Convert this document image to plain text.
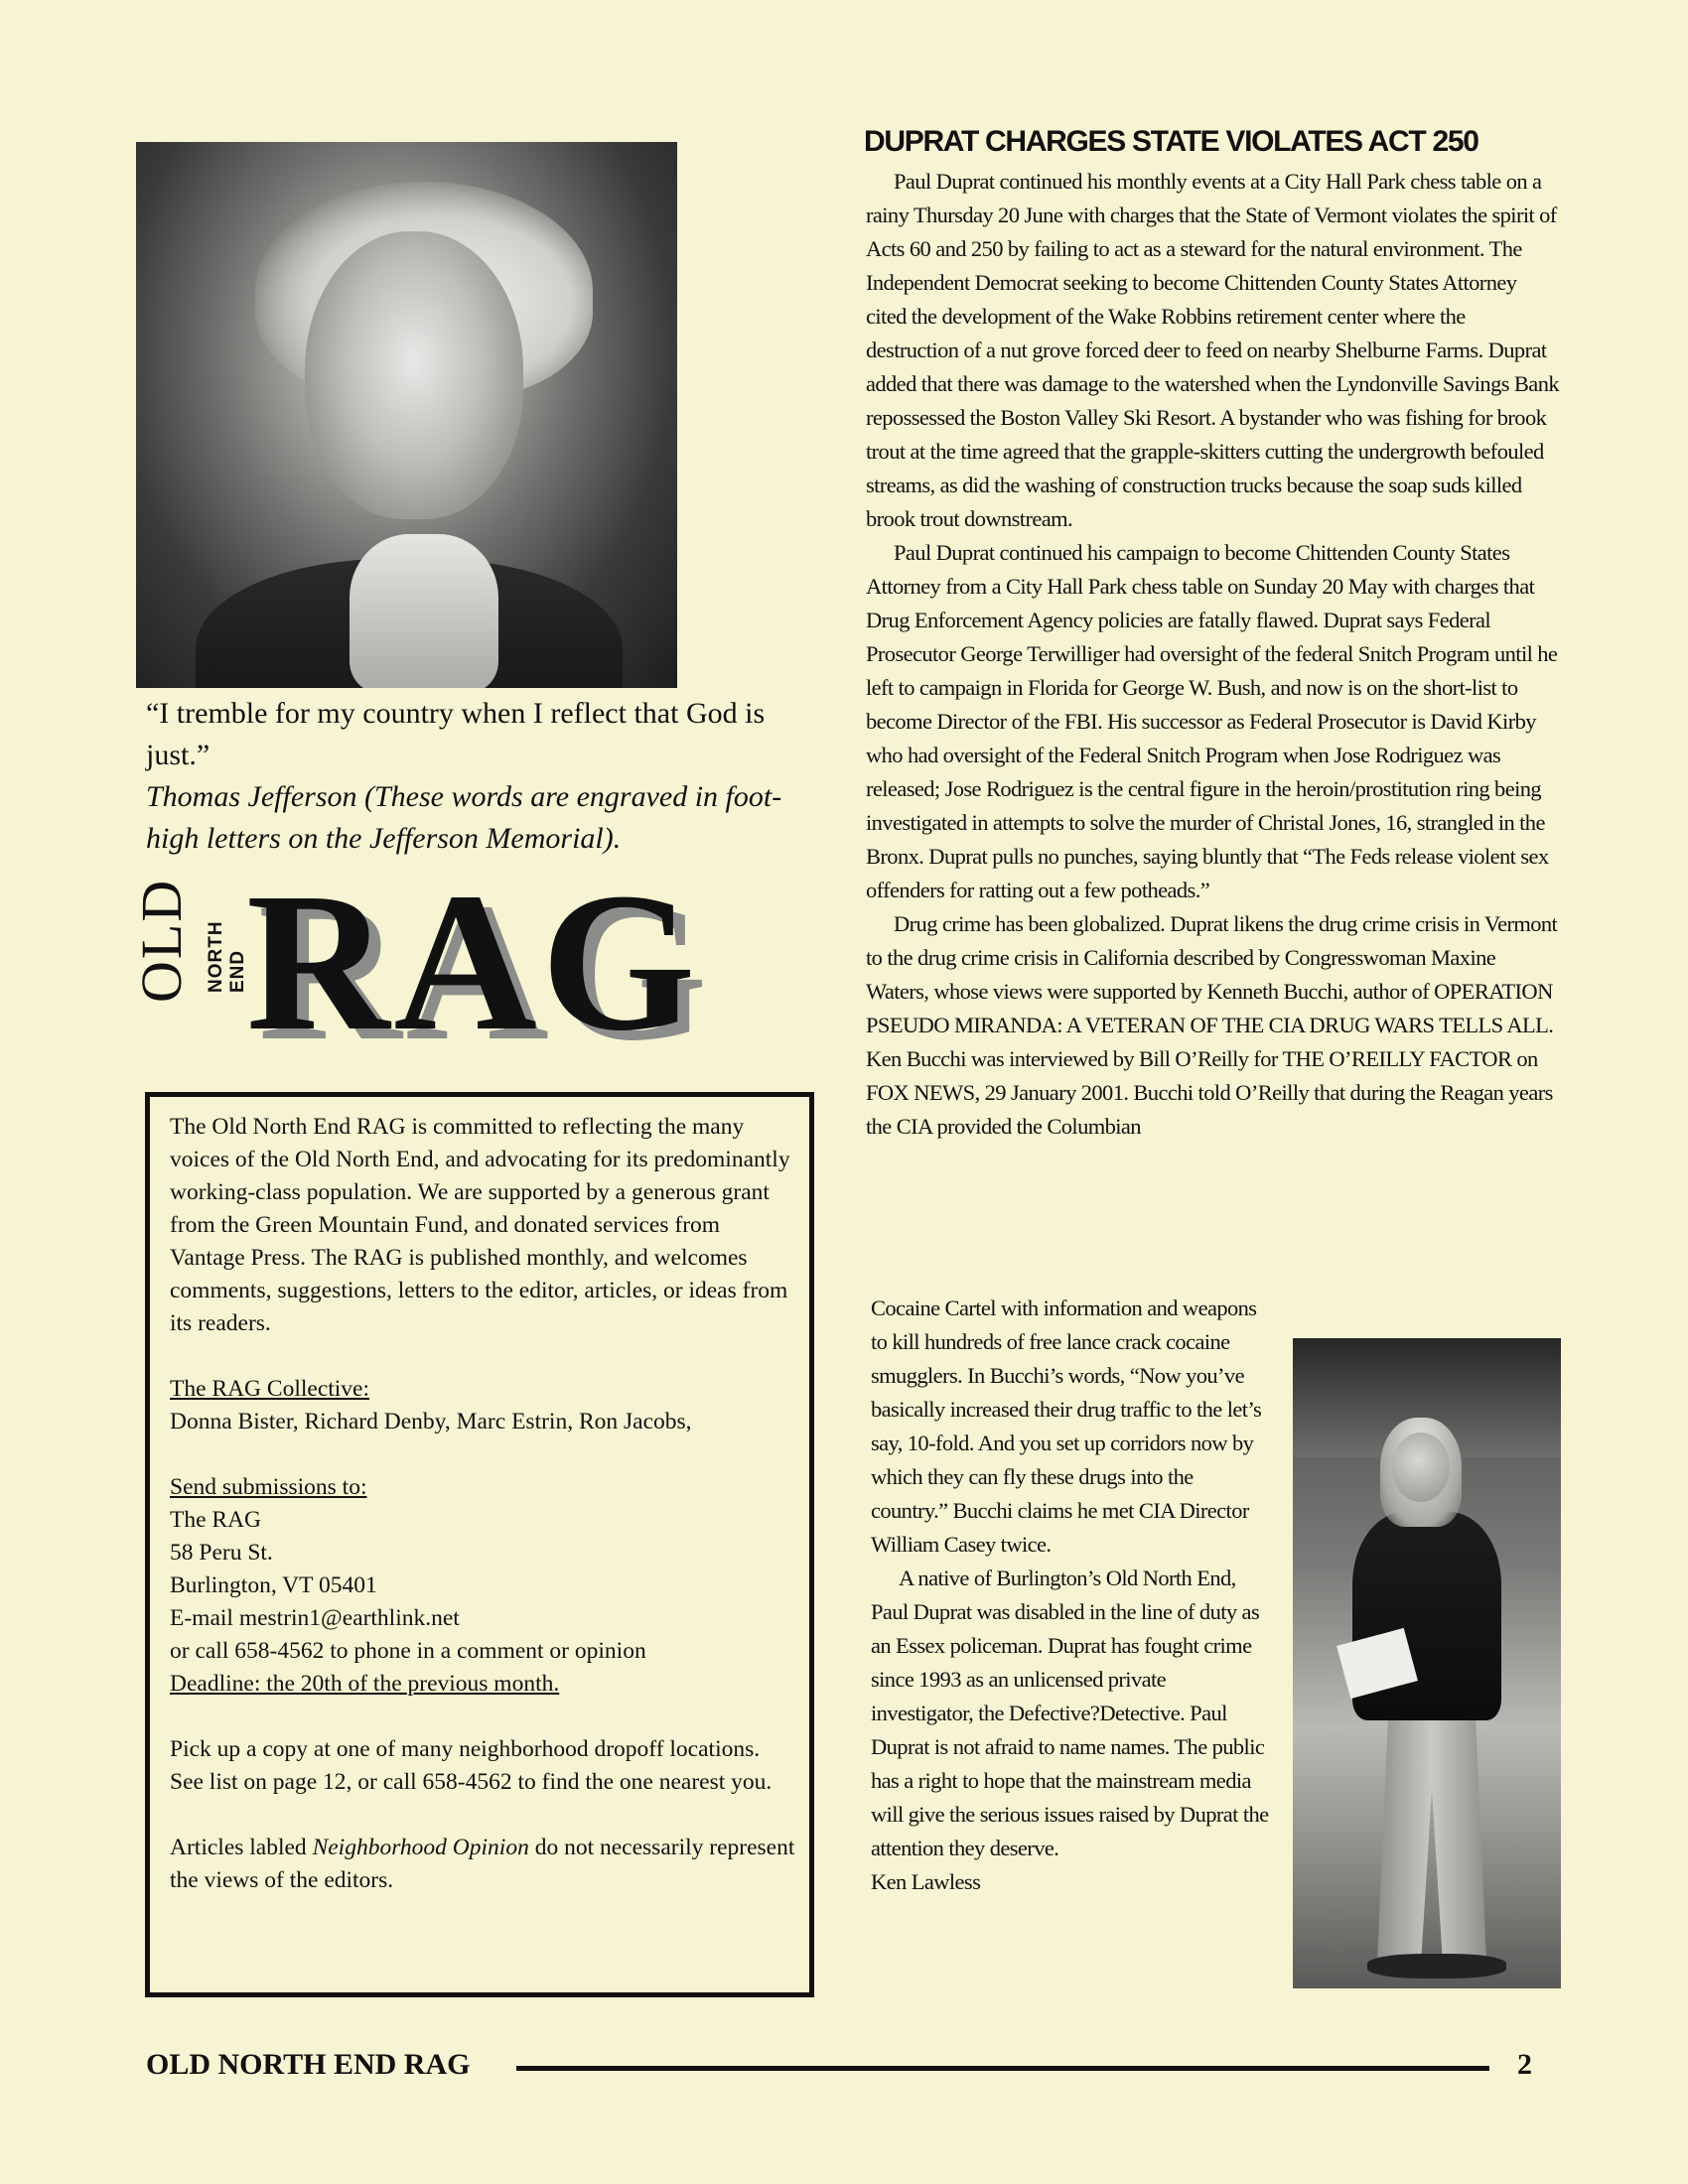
“I tremble for my country when I reflect that God is just.”
Thomas Jefferson (These words are engraved in foot-high letters on the Jefferson Memorial).
OLD NORTH END
RAG

The Old North End RAG is committed to reflecting the many voices of the Old North End, and advocating for its predominantly working-class population. We are supported by a generous grant from the Green Mountain Fund, and donated services from Vantage Press. The RAG is published monthly, and welcomes comments, suggestions, letters to the editor, articles, or ideas from its readers.

The RAG Collective:

Donna Bister, Richard Denby, Marc Estrin, Ron Jacobs,

Send submissions to:

The RAG

58 Peru St.

Burlington, VT 05401

E-mail mestrin1@earthlink.net

or call 658-4562 to phone in a comment or opinion

Deadline: the 20th of the previous month.

Pick up a copy at one of many neighborhood dropoff locations. See list on page 12, or call 658-4562 to find the one nearest you.

Articles labled Neighborhood Opinion do not necessarily represent the views of the editors.

DUPRAT CHARGES STATE VIOLATES ACT 250

Paul Duprat continued his monthly events at a City Hall Park chess table on a rainy Thursday 20 June with charges that the State of Vermont violates the spirit of Acts 60 and 250 by failing to act as a steward for the natural environment. The Independent Democrat seeking to become Chittenden County States Attorney cited the development of the Wake Robbins retirement center where the destruction of a nut grove forced deer to feed on nearby Shelburne Farms. Duprat added that there was damage to the watershed when the Lyndonville Savings Bank repossessed the Boston Valley Ski Resort. A bystander who was fishing for brook trout at the time agreed that the grapple-skitters cutting the undergrowth befouled streams, as did the washing of construction trucks because the soap suds killed brook trout downstream.

Paul Duprat continued his campaign to become Chittenden County States Attorney from a City Hall Park chess table on Sunday 20 May with charges that Drug Enforcement Agency policies are fatally flawed. Duprat says Federal Prosecutor George Terwilliger had oversight of the federal Snitch Program until he left to campaign in Florida for George W. Bush, and now is on the short-list to become Director of the FBI. His successor as Federal Prosecutor is David Kirby who had oversight of the Federal Snitch Program when Jose Rodriguez was released; Jose Rodriguez is the central figure in the heroin/prostitution ring being investigated in attempts to solve the murder of Christal Jones, 16, strangled in the Bronx. Duprat pulls no punches, saying bluntly that “The Feds release violent sex offenders for ratting out a few potheads.”

Drug crime has been globalized. Duprat likens the drug crime crisis in Vermont to the drug crime crisis in California described by Congresswoman Maxine Waters, whose views were supported by Kenneth Bucchi, author of OPERATION PSEUDO MIRANDA: A VETERAN OF THE CIA DRUG WARS TELLS ALL. Ken Bucchi was interviewed by Bill O’Reilly for THE O’REILLY FACTOR on FOX NEWS, 29 January 2001. Bucchi told O’Reilly that during the Reagan years the CIA provided the Columbian

Cocaine Cartel with information and weapons to kill hundreds of free lance crack cocaine smugglers. In Bucchi’s words, “Now you’ve basically increased their drug traffic to the let’s say, 10-fold. And you set up corridors now by which they can fly these drugs into the country.” Bucchi claims he met CIA Director William Casey twice.

A native of Burlington’s Old North End, Paul Duprat was disabled in the line of duty as an Essex policeman. Duprat has fought crime since 1993 as an unlicensed private investigator, the Defective?Detective. Paul Duprat is not afraid to name names. The public has a right to hope that the mainstream media will give the serious issues raised by Duprat the attention they deserve.

Ken Lawless

OLD NORTH END RAG	2
